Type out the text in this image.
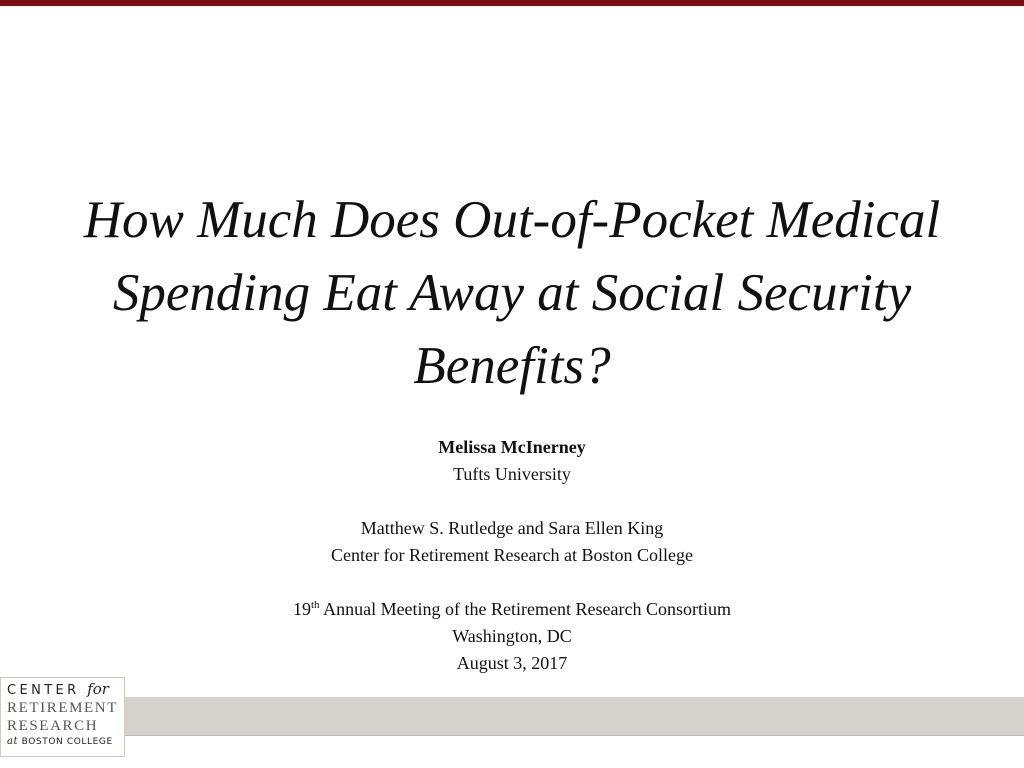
How Much Does Out-of-Pocket Medical Spending Eat Away at Social Security Benefits?
Melissa McInerney
Tufts University
Matthew S. Rutledge and Sara Ellen King
Center for Retirement Research at Boston College
19th Annual Meeting of the Retirement Research Consortium
Washington, DC
August 3, 2017
CENTER for
RETIREMENT
RESEARCH
at BOSTON COLLEGE
